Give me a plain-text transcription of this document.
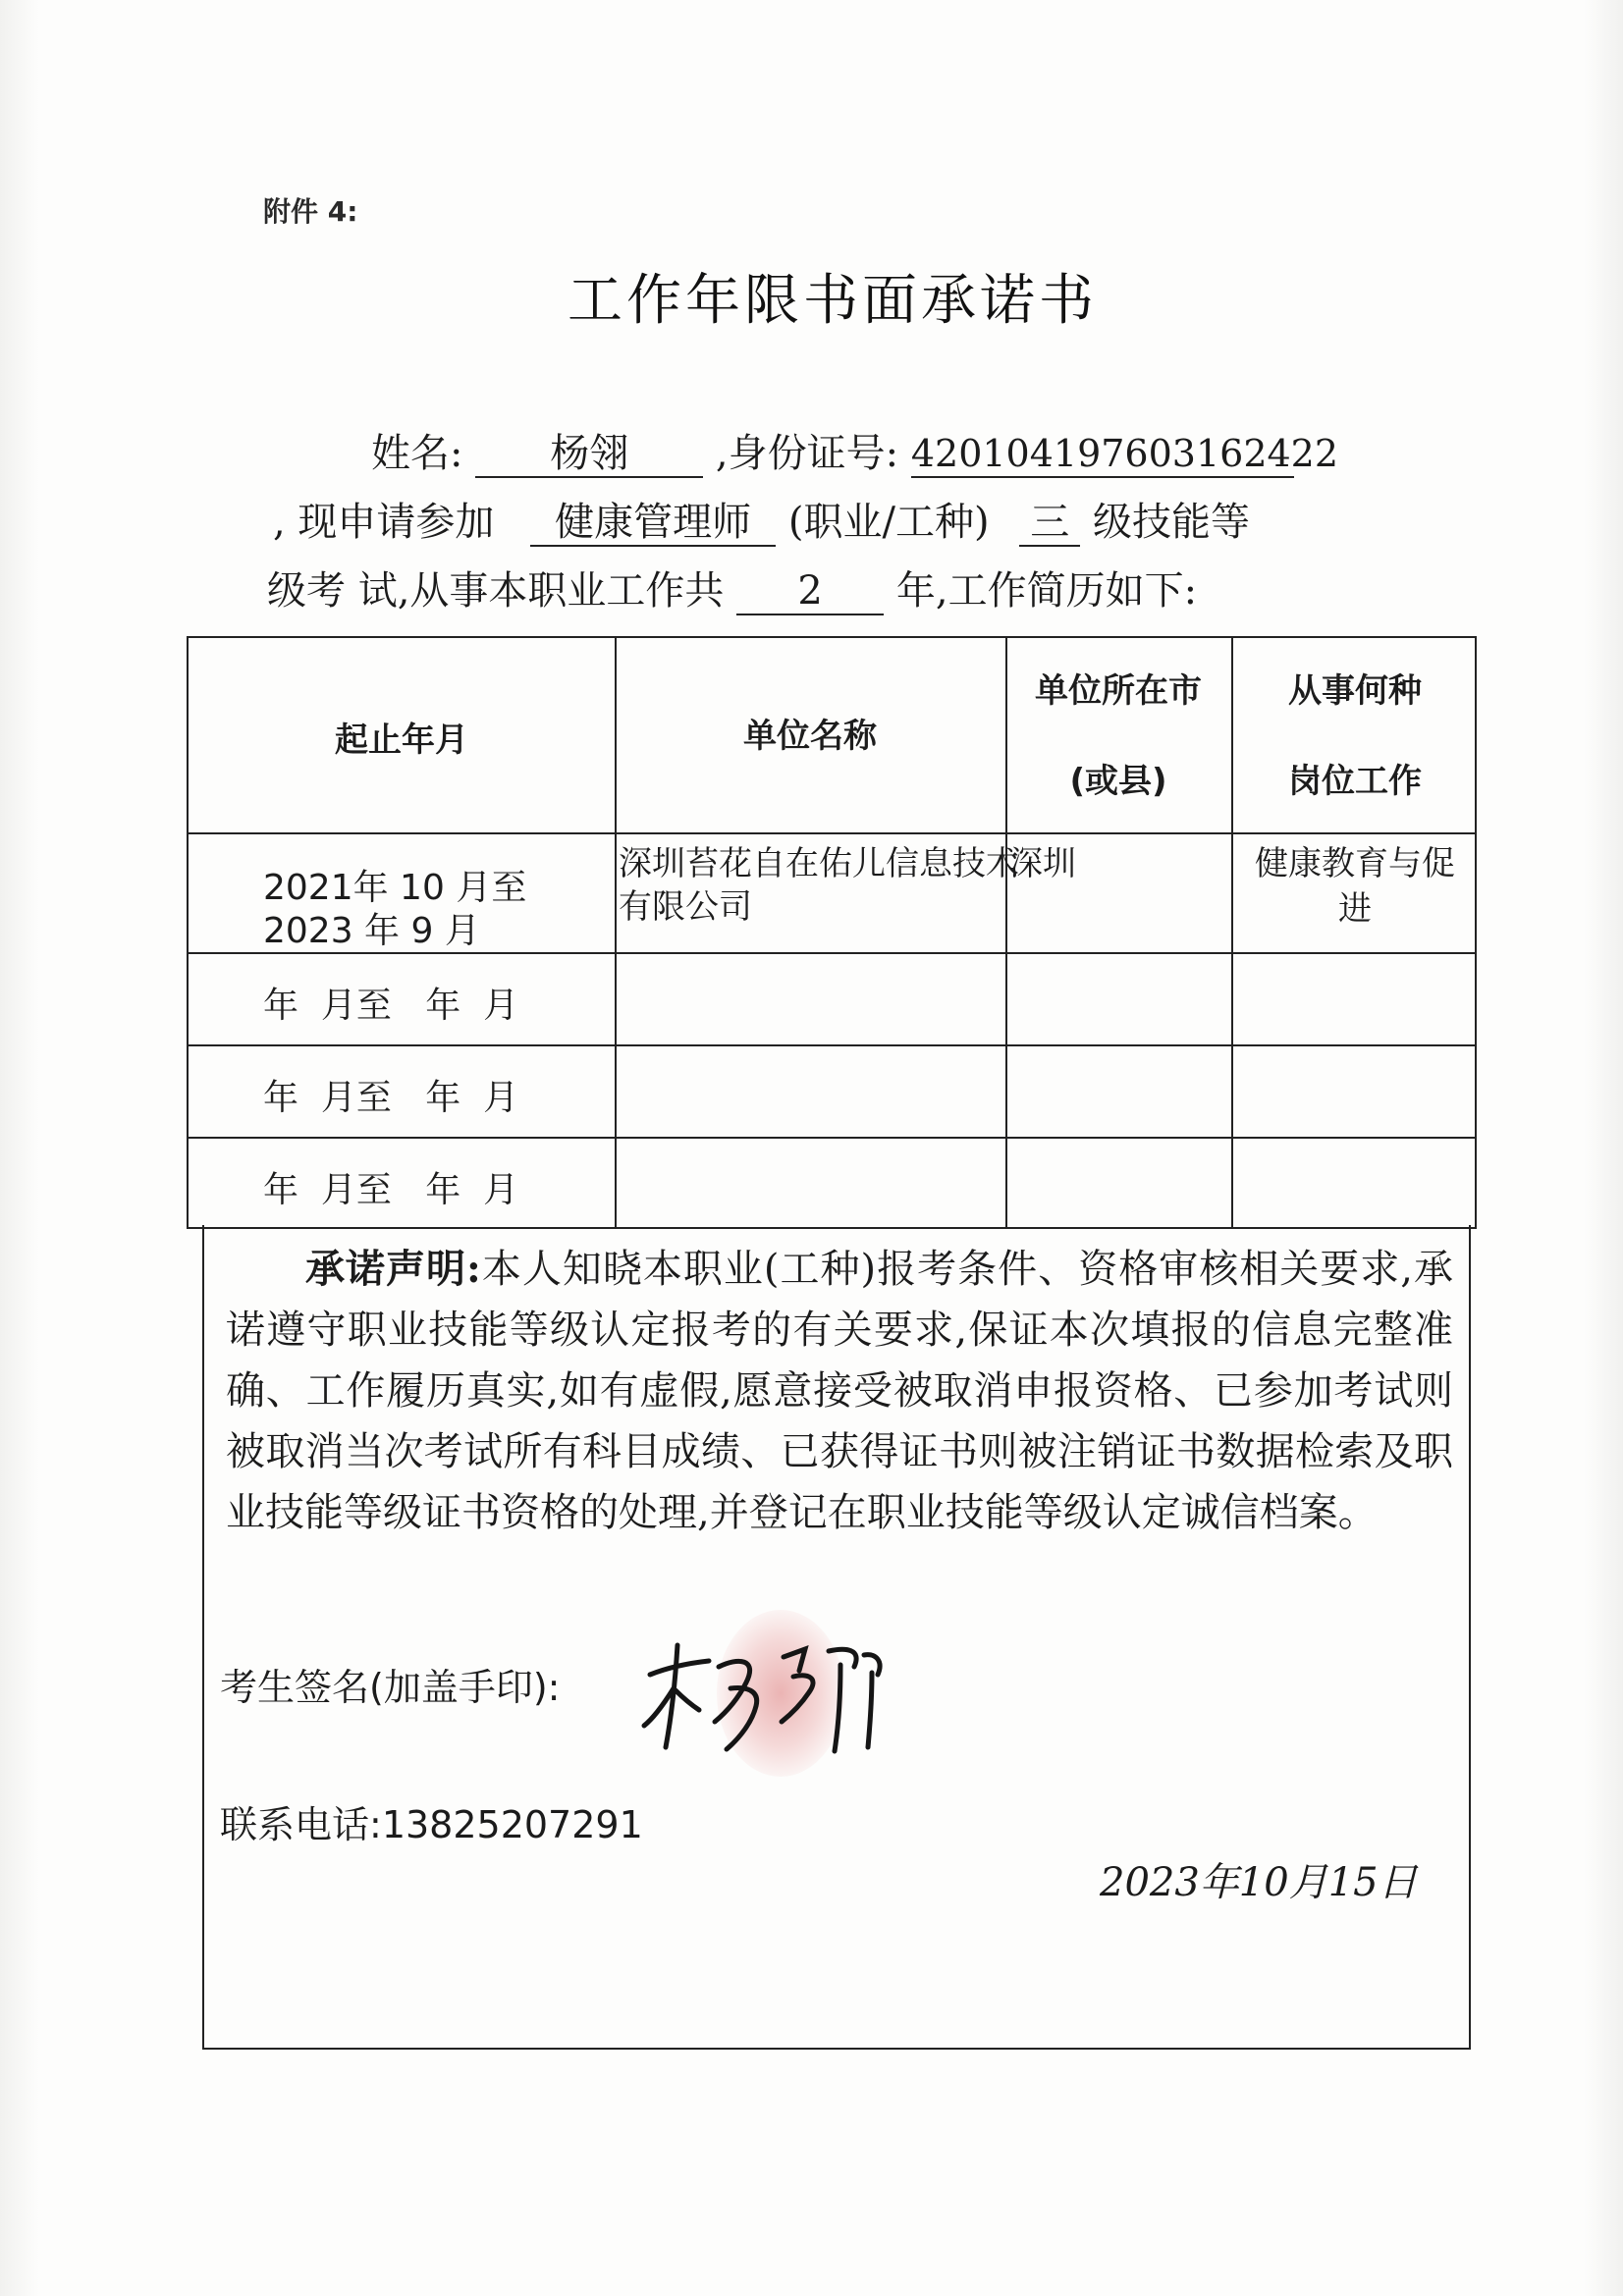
附件 4:
工作年限书面承诺书
姓名: 杨翎 ,身份证号: 420104197603162422
, 现申请参加 健康管理师 (职业/工种) 三 级技能等
级考 试,从事本职业工作共 2 年,工作简历如下:
起止年月	单位名称
单位所在市
(或县)
从事何种
岗位工作
2021年 10 月至
2023 年 9 月
深圳苔花自在佑儿信息技术
有限公司
深圳	健康教育与促
进
年  月至   年  月
年  月至   年  月
年  月至   年  月
承诺声明:本人知晓本职业(工种)报考条件、资格审核相关要求,承诺遵守职业技能等级认定报考的有关要求,保证本次填报的信息完整准确、工作履历真实,如有虚假,愿意接受被取消申报资格、已参加考试则被取消当次考试所有科目成绩、已获得证书则被注销证书数据检索及职业技能等级证书资格的处理,并登记在职业技能等级认定诚信档案。
考生签名(加盖手印):
联系电话:13825207291
2023年10月15日
